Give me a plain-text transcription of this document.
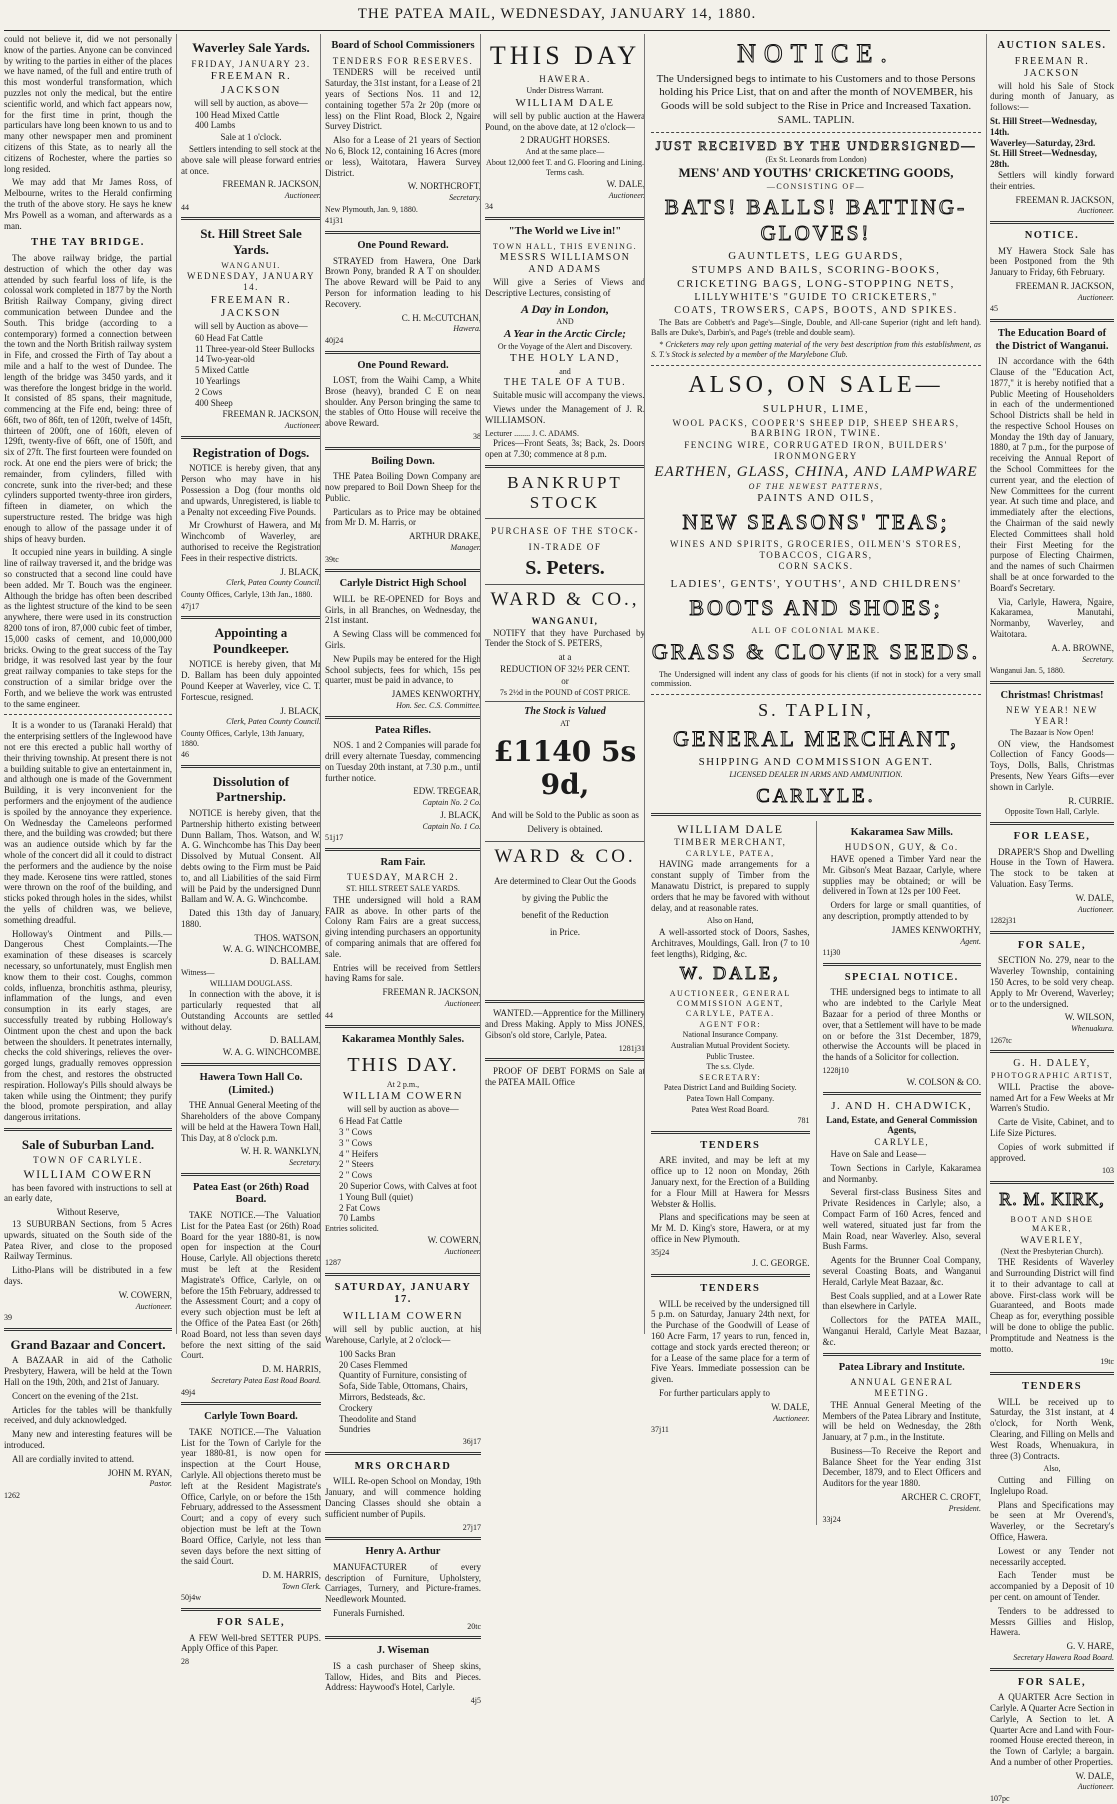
THE PATEA MAIL, WEDNESDAY, JANUARY 14, 1880.

could not believe it, did we not personally know of the parties. Anyone can be convinced by writing to the parties in either of the places we have named, of the full and entire truth of this most wonderful transformation, which puzzles not only the medical, but the entire scientific world, and which fact appears now, for the first time in print, though the particulars have long been known to us and to many other newspaper men and prominent citizens of this State, as to nearly all the citizens of Rochester, where the parties so long resided.

We may add that Mr James Ross, of Melbourne, writes to the Herald confirming the truth of the above story. He says he knew Mrs Powell as a woman, and afterwards as a man.

THE TAY BRIDGE.

The above railway bridge, the partial destruction of which the other day was attended by such fearful loss of life, is the colossal work completed in 1877 by the North British Railway Company, giving direct communication between Dundee and the South. This bridge (according to a contemporary) formed a connection between the town and the North British railway system in Fife, and crossed the Firth of Tay about a mile and a half to the west of Dundee. The length of the bridge was 3450 yards, and it was therefore the longest bridge in the world. It consisted of 85 spans, their magnitude, commencing at the Fife end, being: three of 66ft, two of 86ft, ten of 120ft, twelve of 145ft, thirteen of 200ft, one of 160ft, eleven of 129ft, twenty-five of 66ft, one of 150ft, and six of 27ft. The first fourteen were founded on rock. At one end the piers were of brick; the remainder, from cylinders, filled with concrete, sunk into the river-bed; and these cylinders supported twenty-three iron girders, fifteen in diameter, on which the superstructure rested. The bridge was high enough to allow of the passage under it of ships of heavy burden.

It occupied nine years in building. A single line of railway traversed it, and the bridge was so constructed that a second line could have been added. Mr T. Bouch was the engineer. Although the bridge has often been described as the lightest structure of the kind to be seen anywhere, there were used in its construction 8200 tons of iron, 87,000 cubic feet of timber, 15,000 casks of cement, and 10,000,000 bricks. Owing to the great success of the Tay bridge, it was resolved last year by the four great railway companies to take steps for the construction of a similar bridge over the Forth, and we believe the work was entrusted to the same engineer.

It is a wonder to us (Taranaki Herald) that the enterprising settlers of the Inglewood have not ere this erected a public hall worthy of their thriving township. At present there is not a building suitable to give an entertainment in, and although one is made of the Government Building, it is very inconvenient for the performers and the enjoyment of the audience is spoiled by the annoyance they experience. On Wednesday the Cameleons performed there, and the building was crowded; but there was an audience outside which by far the whole of the concert did all it could to distract the performers and the audience by the noise they made. Kerosene tins were rattled, stones were thrown on the roof of the building, and sticks poked through holes in the sides, whilst the yells of children was, we believe, something dreadful.

Holloway's Ointment and Pills.—Dangerous Chest Complaints.—The examination of these diseases is scarcely necessary, so unfortunately, must English men know them to their cost. Coughs, common colds, influenza, bronchitis asthma, pleurisy, inflammation of the lungs, and even consumption in its early stages, are successfully treated by rubbing Holloway's Ointment upon the chest and upon the back between the shoulders. It penetrates internally, checks the cold shiverings, relieves the over-gorged lungs, gradually removes oppression from the chest, and restores the obstructed respiration. Holloway's Pills should always be taken while using the Ointment; they purify the blood, promote perspiration, and allay dangerous irritations.

Sale of Suburban Land.
TOWN OF CARLYLE.
WILLIAM COWERN

has been favored with instructions to sell at an early date,

Without Reserve,

13 SUBURBAN Sections, from 5 Acres upwards, situated on the South side of the Patea River, and close to the proposed Railway Terminus.

Litho-Plans will be distributed in a few days.

W. COWERN,
Auctioneer.
39
Grand Bazaar and Concert.

A BAZAAR in aid of the Catholic Presbytery, Hawera, will be held at the Town Hall on the 19th, 20th, and 21st of January.

Concert on the evening of the 21st.

Articles for the tables will be thankfully received, and duly acknowledged.

Many new and interesting features will be introduced.

All are cordially invited to attend.

JOHN M. RYAN,
Pastor.
1262
Waverley Sale Yards.
FRIDAY, JANUARY 23.
FREEMAN R. JACKSON
will sell by auction, as above—
100 Head Mixed Cattle
400 Lambs
Sale at 1 o'clock.

Settlers intending to sell stock at the above sale will please forward entries at once.

FREEMAN R. JACKSON,
Auctioneer.
44
St. Hill Street Sale Yards.
WANGANUI.
WEDNESDAY, JANUARY 14.
FREEMAN R. JACKSON
will sell by Auction as above—
60 Head Fat Cattle
11 Three-year-old Steer Bullocks
14 Two-year-old
5 Mixed Cattle
10 Yearlings
2 Cows
400 Sheep
FREEMAN R. JACKSON,
Auctioneer.
Registration of Dogs.

NOTICE is hereby given, that any Person who may have in his Possession a Dog (four months old and upwards, Unregistered, is liable to a Penalty not exceeding Five Pounds.

Mr Crowhurst of Hawera, and Mr Winchcomb of Waverley, are authorised to receive the Registration Fees in their respective districts.

J. BLACK,
Clerk, Patea County Council.
County Offices, Carlyle, 13th Jan., 1880.
47j17
Appointing a Poundkeeper.

NOTICE is hereby given, that Mr D. Ballam has been duly appointed Pound Keeper at Waverley, vice C. T. Fortescue, resigned.

J. BLACK,
Clerk, Patea County Council.
County Offices, Carlyle, 13th January, 1880.
46
Dissolution of Partnership.

NOTICE is hereby given, that the Partnership hitherto existing between Dunn Ballam, Thos. Watson, and W. A. G. Winchcombe has This Day been Dissolved by Mutual Consent. All debts owing to the Firm must be Paid to, and all Liabilities of the said Firm will be Paid by the undersigned Dunn Ballam and W. A. G. Winchcombe.

Dated this 13th day of January, 1880.

THOS. WATSON,
W. A. G. WINCHCOMBE,
D. BALLAM.
Witness—
WILLIAM DOUGLASS.

In connection with the above, it is particularly requested that all Outstanding Accounts are settled without delay.

D. BALLAM,
W. A. G. WINCHCOMBE.
Hawera Town Hall Co. (Limited.)

THE Annual General Meeting of the Shareholders of the above Company will be held at the Hawera Town Hall, This Day, at 8 o'clock p.m.

W. H. R. WANKLYN,
Secretary.
Patea East (or 26th) Road Board.

TAKE NOTICE.—The Valuation List for the Patea East (or 26th) Road Board for the year 1880-81, is now open for inspection at the Court House, Carlyle. All objections thereto must be left at the Resident Magistrate's Office, Carlyle, on or before the 15th February, addressed to the Assessment Court; and a copy of every such objection must be left at the Office of the Patea East (or 26th) Road Board, not less than seven days before the next sitting of the said Court.

D. M. HARRIS,
Secretary Patea East Road Board.
49j4
Carlyle Town Board.

TAKE NOTICE.—The Valuation List for the Town of Carlyle for the year 1880-81, is now open for inspection at the Court House, Carlyle. All objections thereto must be left at the Resident Magistrate's Office, Carlyle, on or before the 15th February, addressed to the Assessment Court; and a copy of every such objection must be left at the Town Board Office, Carlyle, not less than seven days before the next sitting of the said Court.

D. M. HARRIS,
Town Clerk.
50j4w
FOR SALE,

A FEW Well-bred SETTER PUPS. Apply Office of this Paper.

28
Board of School Commissioners
TENDERS FOR RESERVES.

TENDERS will be received until Saturday, the 31st instant, for a Lease of 21 years of Sections Nos. 11 and 12, containing together 57a 2r 20p (more or less) on the Flint Road, Block 2, Ngaire Survey District.

Also for a Lease of 21 years of Section No 6, Block 12, containing 16 Acres (more or less), Waitotara, Hawera Survey District.

W. NORTHCROFT,
Secretary.
New Plymouth, Jan. 9, 1880.
41j31
One Pound Reward.

STRAYED from Hawera, One Dark Brown Pony, branded R A T on shoulder. The above Reward will be Paid to any Person for information leading to his Recovery.

C. H. McCUTCHAN,
Hawera.
40j24
One Pound Reward.

LOST, from the Waihi Camp, a White Brose (heavy), branded C E on near shoulder. Any Person bringing the same to the stables of Otto House will receive the above Reward.

38
Boiling Down.

THE Patea Boiling Down Company are now prepared to Boil Down Sheep for the Public.

Particulars as to Price may be obtained from Mr D. M. Harris, or

ARTHUR DRAKE,
Manager.
39tc
Carlyle District High School

WILL be RE-OPENED for Boys and Girls, in all Branches, on Wednesday, the 21st instant.

A Sewing Class will be commenced for Girls.

New Pupils may be entered for the High School subjects, fees for which, 15s per quarter, must be paid in advance, to

JAMES KENWORTHY,
Hon. Sec. C.S. Committee.
Patea Rifles.

NOS. 1 and 2 Companies will parade for drill every alternate Tuesday, commencing on Tuesday 20th instant, at 7.30 p.m., until further notice.

EDW. TREGEAR,
Captain No. 2 Co.
J. BLACK,
Captain No. 1 Co.
51j17
Ram Fair.
TUESDAY, MARCH 2.
ST. HILL STREET SALE YARDS.

THE undersigned will hold a RAM FAIR as above. In other parts of the Colony Ram Fairs are a great success, giving intending purchasers an opportunity of comparing animals that are offered for sale.

Entries will be received from Settlers having Rams for sale.

FREEMAN R. JACKSON,
Auctioneer.
44
Kakaramea Monthly Sales.
THIS DAY.
At 2 p.m.,
WILLIAM COWERN
will sell by auction as above—
6 Head Fat Cattle
3 " Cows
3 " Cows
4 " Heifers
2 " Steers
2 " Cows
20 Superior Cows, with Calves at foot
1 Young Bull (quiet)
2 Fat Cows
70 Lambs
Entries solicited.
W. COWERN,
Auctioneer.
1287
SATURDAY, JANUARY 17.
WILLIAM COWERN

will sell by public auction, at his Warehouse, Carlyle, at 2 o'clock—

100 Sacks Bran
20 Cases Flemmed
Quantity of Furniture, consisting of Sofa, Side Table, Ottomans, Chairs, Mirrors, Bedsteads, &c.
Crockery
Theodolite and Stand
Sundries
36j17
MRS ORCHARD

WILL Re-open School on Monday, 19th January, and will commence holding Dancing Classes should she obtain a sufficient number of Pupils.

27j17
Henry A. Arthur

MANUFACTURER of every description of Furniture, Upholstery, Carriages, Turnery, and Picture-frames. Needlework Mounted.

Funerals Furnished.

20tc
J. Wiseman

IS a cash purchaser of Sheep skins, Tallow, Hides, and Bits and Pieces. Address: Haywood's Hotel, Carlyle.

4j5
THIS DAY
HAWERA.
Under Distress Warrant.
WILLIAM DALE

will sell by public auction at the Hawera Pound, on the above date, at 12 o'clock—

2 DRAUGHT HORSES.
And at the same place—
About 12,000 feet T. and G. Flooring and Lining.
Terms cash.
W. DALE,
Auctioneer.
34
"The World we Live in!"
TOWN HALL, THIS EVENING.
MESSRS WILLIAMSON AND ADAMS

Will give a Series of Views and Descriptive Lectures, consisting of

A Day in London,
AND
A Year in the Arctic Circle;
Or the Voyage of the Alert and Discovery.
THE HOLY LAND,
and
THE TALE OF A TUB.

Suitable music will accompany the views.

Views under the Management of J. R. WILLIAMSON.

Lecturer ........ J. C. ADAMS.

Prices—Front Seats, 3s; Back, 2s. Doors open at 7.30; commence at 8 p.m.

BANKRUPT STOCK
PURCHASE OF THE STOCK-IN-TRADE OF
S. Peters.
WARD & CO.,
WANGANUI,

NOTIFY that they have Purchased by Tender the Stock of S. PETERS,

at a
REDUCTION OF 32½ PER CENT.
or
7s 2½d in the POUND of COST PRICE.
The Stock is Valued
AT
£1140 5s 9d,
And will be Sold to the Public as soon as Delivery is obtained.
WARD & CO.
Are determined to Clear Out the Goods
by giving the Public the
benefit of the Reduction
in Price.

WANTED.—Apprentice for the Millinery and Dress Making. Apply to Miss JONES, Gibson's old store, Carlyle, Patea.

1281j31

PROOF OF DEBT FORMS on Sale at the PATEA MAIL Office

NOTICE.

The Undersigned begs to intimate to his Customers and to those Persons holding his Price List, that on and after the month of NOVEMBER, his Goods will be sold subject to the Rise in Price and Increased Taxation.

SAML. TAPLIN.
JUST RECEIVED BY THE UNDERSIGNED—
(Ex St. Leonards from London)
MENS' AND YOUTHS' CRICKETING GOODS,
—CONSISTING OF—
BATS! BALLS! BATTING-GLOVES!
GAUNTLETS, LEG GUARDS,
STUMPS AND BAILS, SCORING-BOOKS,
CRICKETING BAGS, LONG-STOPPING NETS,
LILLYWHITE'S "GUIDE TO CRICKETERS,"
COATS, TROWSERS, CAPS, BOOTS, AND SPIKES.

The Bats are Cobbett's and Page's—Single, Double, and All-cane Superior (right and left hand). Balls are Duke's, Darbin's, and Page's (treble and double seam).

* Cricketers may rely upon getting material of the very best description from this establishment, as S. T.'s Stock is selected by a member of the Marylebone Club.

ALSO, ON SALE—
SULPHUR, LIME,
WOOL PACKS, COOPER'S SHEEP DIP, SHEEP SHEARS, BARBING IRON, TWINE.
FENCING WIRE, CORRUGATED IRON, BUILDERS' IRONMONGERY
EARTHEN, GLASS, CHINA, AND LAMPWARE
OF THE NEWEST PATTERNS,
PAINTS AND OILS,
NEW SEASONS' TEAS;
WINES AND SPIRITS, GROCERIES, OILMEN'S STORES, TOBACCOS, CIGARS,
CORN SACKS.
LADIES', GENTS', YOUTHS', AND CHILDRENS'
BOOTS AND SHOES;
ALL OF COLONIAL MAKE.
GRASS & CLOVER SEEDS.

The Undersigned will indent any class of goods for his clients (if not in stock) for a very small commission.

S. TAPLIN,
GENERAL MERCHANT,
SHIPPING AND COMMISSION AGENT.
LICENSED DEALER IN ARMS AND AMMUNITION.
CARLYLE.
WILLIAM DALE
TIMBER MERCHANT,
CARLYLE, PATEA,

HAVING made arrangements for a constant supply of Timber from the Manawatu District, is prepared to supply orders that he may be favored with without delay, and at reasonable rates.

Also on Hand,

A well-assorted stock of Doors, Sashes, Architraves, Mouldings, Gall. Iron (7 to 10 feet lengths), Ridging, &c.

W. DALE,
AUCTIONEER, GENERAL COMMISSION AGENT,
CARLYLE, PATEA.
AGENT FOR:
National Insurance Company.
Australian Mutual Provident Society.
Public Trustee.
The s.s. Clyde.
SECRETARY:
Patea District Land and Building Society.
Patea Town Hall Company.
Patea West Road Board.
781
TENDERS

ARE invited, and may be left at my office up to 12 noon on Monday, 26th January next, for the Erection of a Building for a Flour Mill at Hawera for Messrs Webster & Hollis.

Plans and specifications may be seen at Mr M. D. King's store, Hawera, or at my office in New Plymouth.

35j24
J. C. GEORGE.
TENDERS

WILL be received by the undersigned till 5 p.m. on Saturday, January 24th next, for the Purchase of the Goodwill of Lease of 160 Acre Farm, 17 years to run, fenced in, cottage and stock yards erected thereon; or for a Lease of the same place for a term of Five Years. Immediate possession can be given.

For further particulars apply to

W. DALE,
Auctioneer.
37j11
Kakaramea Saw Mills.
HUDSON, GUY, & Co.

HAVE opened a Timber Yard near the Mr. Gibson's Meat Bazaar, Carlyle, where supplies may be obtained; or will be delivered in Town at 12s per 100 Feet.

Orders for large or small quantities, of any description, promptly attended to by

JAMES KENWORTHY,
Agent.
11j30
SPECIAL NOTICE.

THE undersigned begs to intimate to all who are indebted to the Carlyle Meat Bazaar for a period of three Months or over, that a Settlement will have to be made on or before the 31st December, 1879, otherwise the Accounts will be placed in the hands of a Solicitor for collection.

1228j10
W. COLSON & CO.
J. AND H. CHADWICK,
Land, Estate, and General Commission Agents,
CARLYLE,

Have on Sale and Lease—

Town Sections in Carlyle, Kakaramea and Normanby.

Several first-class Business Sites and Private Residences in Carlyle; also, a Compact Farm of 160 Acres, fenced and well watered, situated just far from the Main Road, near Waverley. Also, several Bush Farms.

Agents for the Brunner Coal Company, several Coasting Boats, and Wanganui Herald, Carlyle Meat Bazaar, &c.

Best Coals supplied, and at a Lower Rate than elsewhere in Carlyle.

Collectors for the PATEA MAIL, Wanganui Herald, Carlyle Meat Bazaar, &c.

Patea Library and Institute.
ANNUAL GENERAL MEETING.

THE Annual General Meeting of the Members of the Patea Library and Institute, will be held on Wednesday, the 28th January, at 7 p.m., in the Institute.

Business—To Receive the Report and Balance Sheet for the Year ending 31st December, 1879, and to Elect Officers and Auditors for the year 1880.

ARCHER C. CROFT,
President.
33j24
AUCTION SALES.
FREEMAN R. JACKSON

will hold his Sale of Stock during month of January, as follows:—

St. Hill Street—Wednesday, 14th.
Waverley—Saturday, 23rd.
St. Hill Street—Wednesday, 28th.

Settlers will kindly forward their entries.

FREEMAN R. JACKSON,
Auctioneer.
NOTICE.

MY Hawera Stock Sale has been Postponed from the 9th January to Friday, 6th February.

FREEMAN R. JACKSON,
Auctioneer.
45
The Education Board of the District of Wanganui.

IN accordance with the 64th Clause of the "Education Act, 1877," it is hereby notified that a Public Meeting of Householders in each of the undermentioned School Districts shall be held in the respective School Houses on Monday the 19th day of January, 1880, at 7 p.m., for the purpose of receiving the Annual Report of the School Committees for the current year, and the election of New Committees for the current year. At such time and place, and immediately after the elections, the Chairman of the said newly Elected Committees shall hold their First Meeting for the purpose of Electing Chairmen, and the names of such Chairmen shall be at once forwarded to the Board's Secretary.

Via, Carlyle, Hawera, Ngaire, Kakaramea, Manutahi, Normanby, Waverley, and Waitotara.

A. A. BROWNE,
Secretary.
Wanganui Jan. 5, 1880.
Christmas! Christmas!
NEW YEAR! NEW YEAR!
The Bazaar is Now Open!

ON view, the Handsomest Collection of Fancy Goods—Toys, Dolls, Balls, Christmas Presents, New Years Gifts—ever shown in Carlyle.

R. CURRIE.
Opposite Town Hall, Carlyle.
FOR LEASE,

DRAPER'S Shop and Dwelling House in the Town of Hawera. The stock to be taken at Valuation. Easy Terms.

W. DALE,
Auctioneer.
1282j31
FOR SALE,

SECTION No. 279, near to the Waverley Township, containing 150 Acres, to be sold very cheap. Apply to Mr Overend, Waverley; or to the undersigned.

W. WILSON,
Whenuakura.
1267tc
G. H. DALEY,
PHOTOGRAPHIC ARTIST,

WILL Practise the above-named Art for a Few Weeks at Mr Warren's Studio.

Carte de Visite, Cabinet, and to Life Size Pictures.

Copies of work submitted if approved.

103
R. M. KIRK,
BOOT AND SHOE MAKER,
WAVERLEY,
(Next the Presbyterian Church).

THE Residents of Waverley and Surrounding District will find it to their advantage to call at above. First-class work will be Guaranteed, and Boots made Cheap as for, everything possible will be done to oblige the public. Promptitude and Neatness is the motto.

19tc
TENDERS

WILL be received up to Saturday, the 31st instant, at 4 o'clock, for North Wenk, Clearing, and Filling on Mells and West Roads, Whenuakura, in three (3) Contracts.

Also,

Cutting and Filling on Inglelupo Road.

Plans and Specifications may be seen at Mr Overend's, Waverley, or the Secretary's Office, Hawera.

Lowest or any Tender not necessarily accepted.

Each Tender must be accompanied by a Deposit of 10 per cent. on amount of Tender.

Tenders to be addressed to Messrs Gillies and Hislop, Hawera.

G. V. HARE,
Secretary Hawera Road Board.
FOR SALE,

A QUARTER Acre Section in Carlyle. A Quarter Acre Section in Carlyle, A Section to let. A Quarter Acre and Land with Four-roomed House erected thereon, in the Town of Carlyle; a bargain. And a number of other Properties.

W. DALE,
Auctioneer.
107pc
